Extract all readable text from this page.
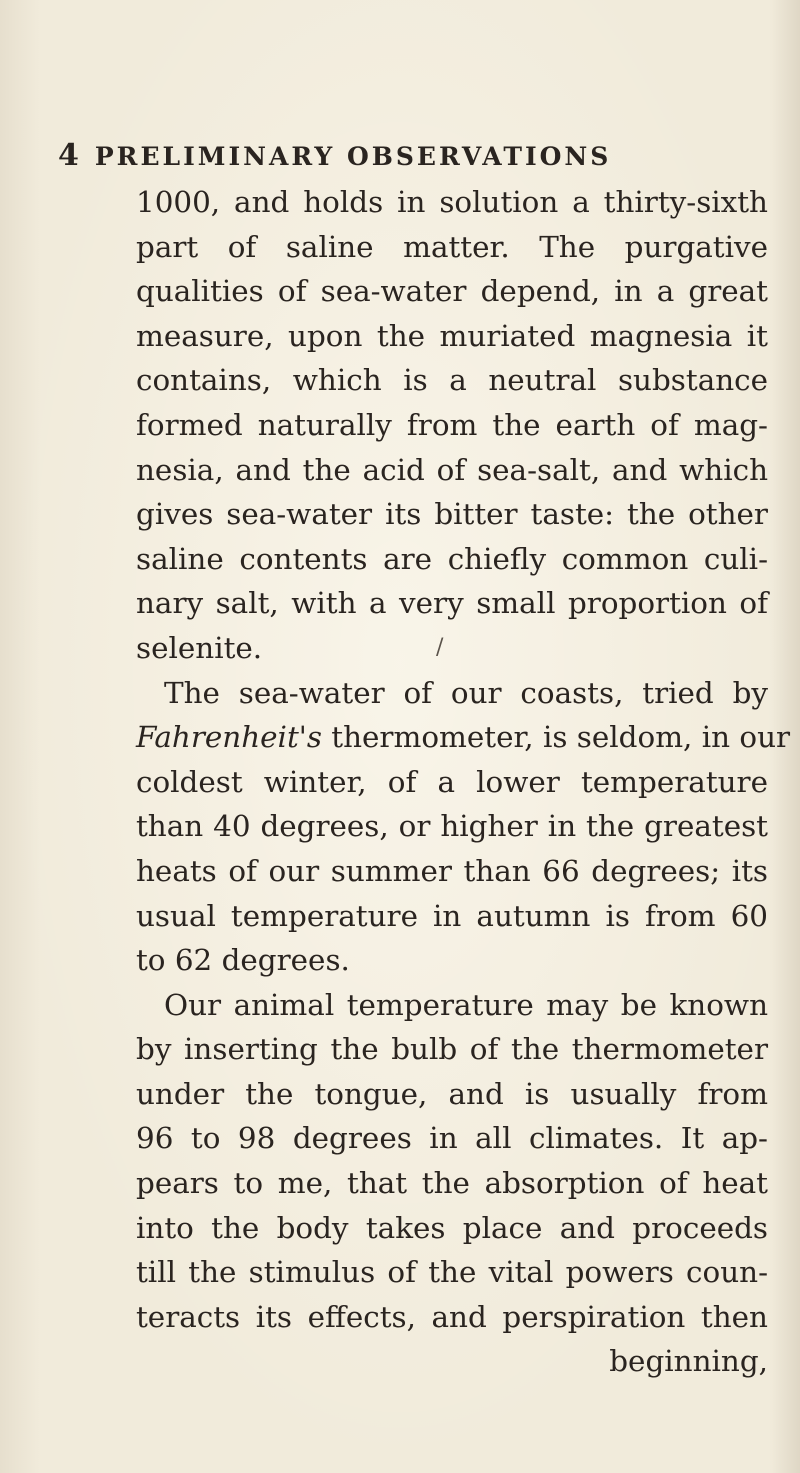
4 PRELIMINARY OBSERVATIONS
1000, and holds in solution a thirty-sixth
part of saline matter. The purgative
qualities of sea-water depend, in a great
measure, upon the muriated magnesia it
contains, which is a neutral substance
formed naturally from the earth of mag-
nesia, and the acid of sea-salt, and which
gives sea-water its bitter taste: the other
saline contents are chiefly common culi-
nary salt, with a very small proportion of
selenite.	/
The sea-water of our coasts, tried by
Fahrenheit's thermometer, is seldom, in our
coldest winter, of a lower temperature
than 40 degrees, or higher in the greatest
heats of our summer than 66 degrees; its
usual temperature in autumn is from 60
to 62 degrees.
Our animal temperature may be known
by inserting the bulb of the thermometer
under the tongue, and is usually from
96 to 98 degrees in all climates. It ap-
pears to me, that the absorption of heat
into the body takes place and proceeds
till the stimulus of the vital powers coun-
teracts its effects, and perspiration then
beginning,
